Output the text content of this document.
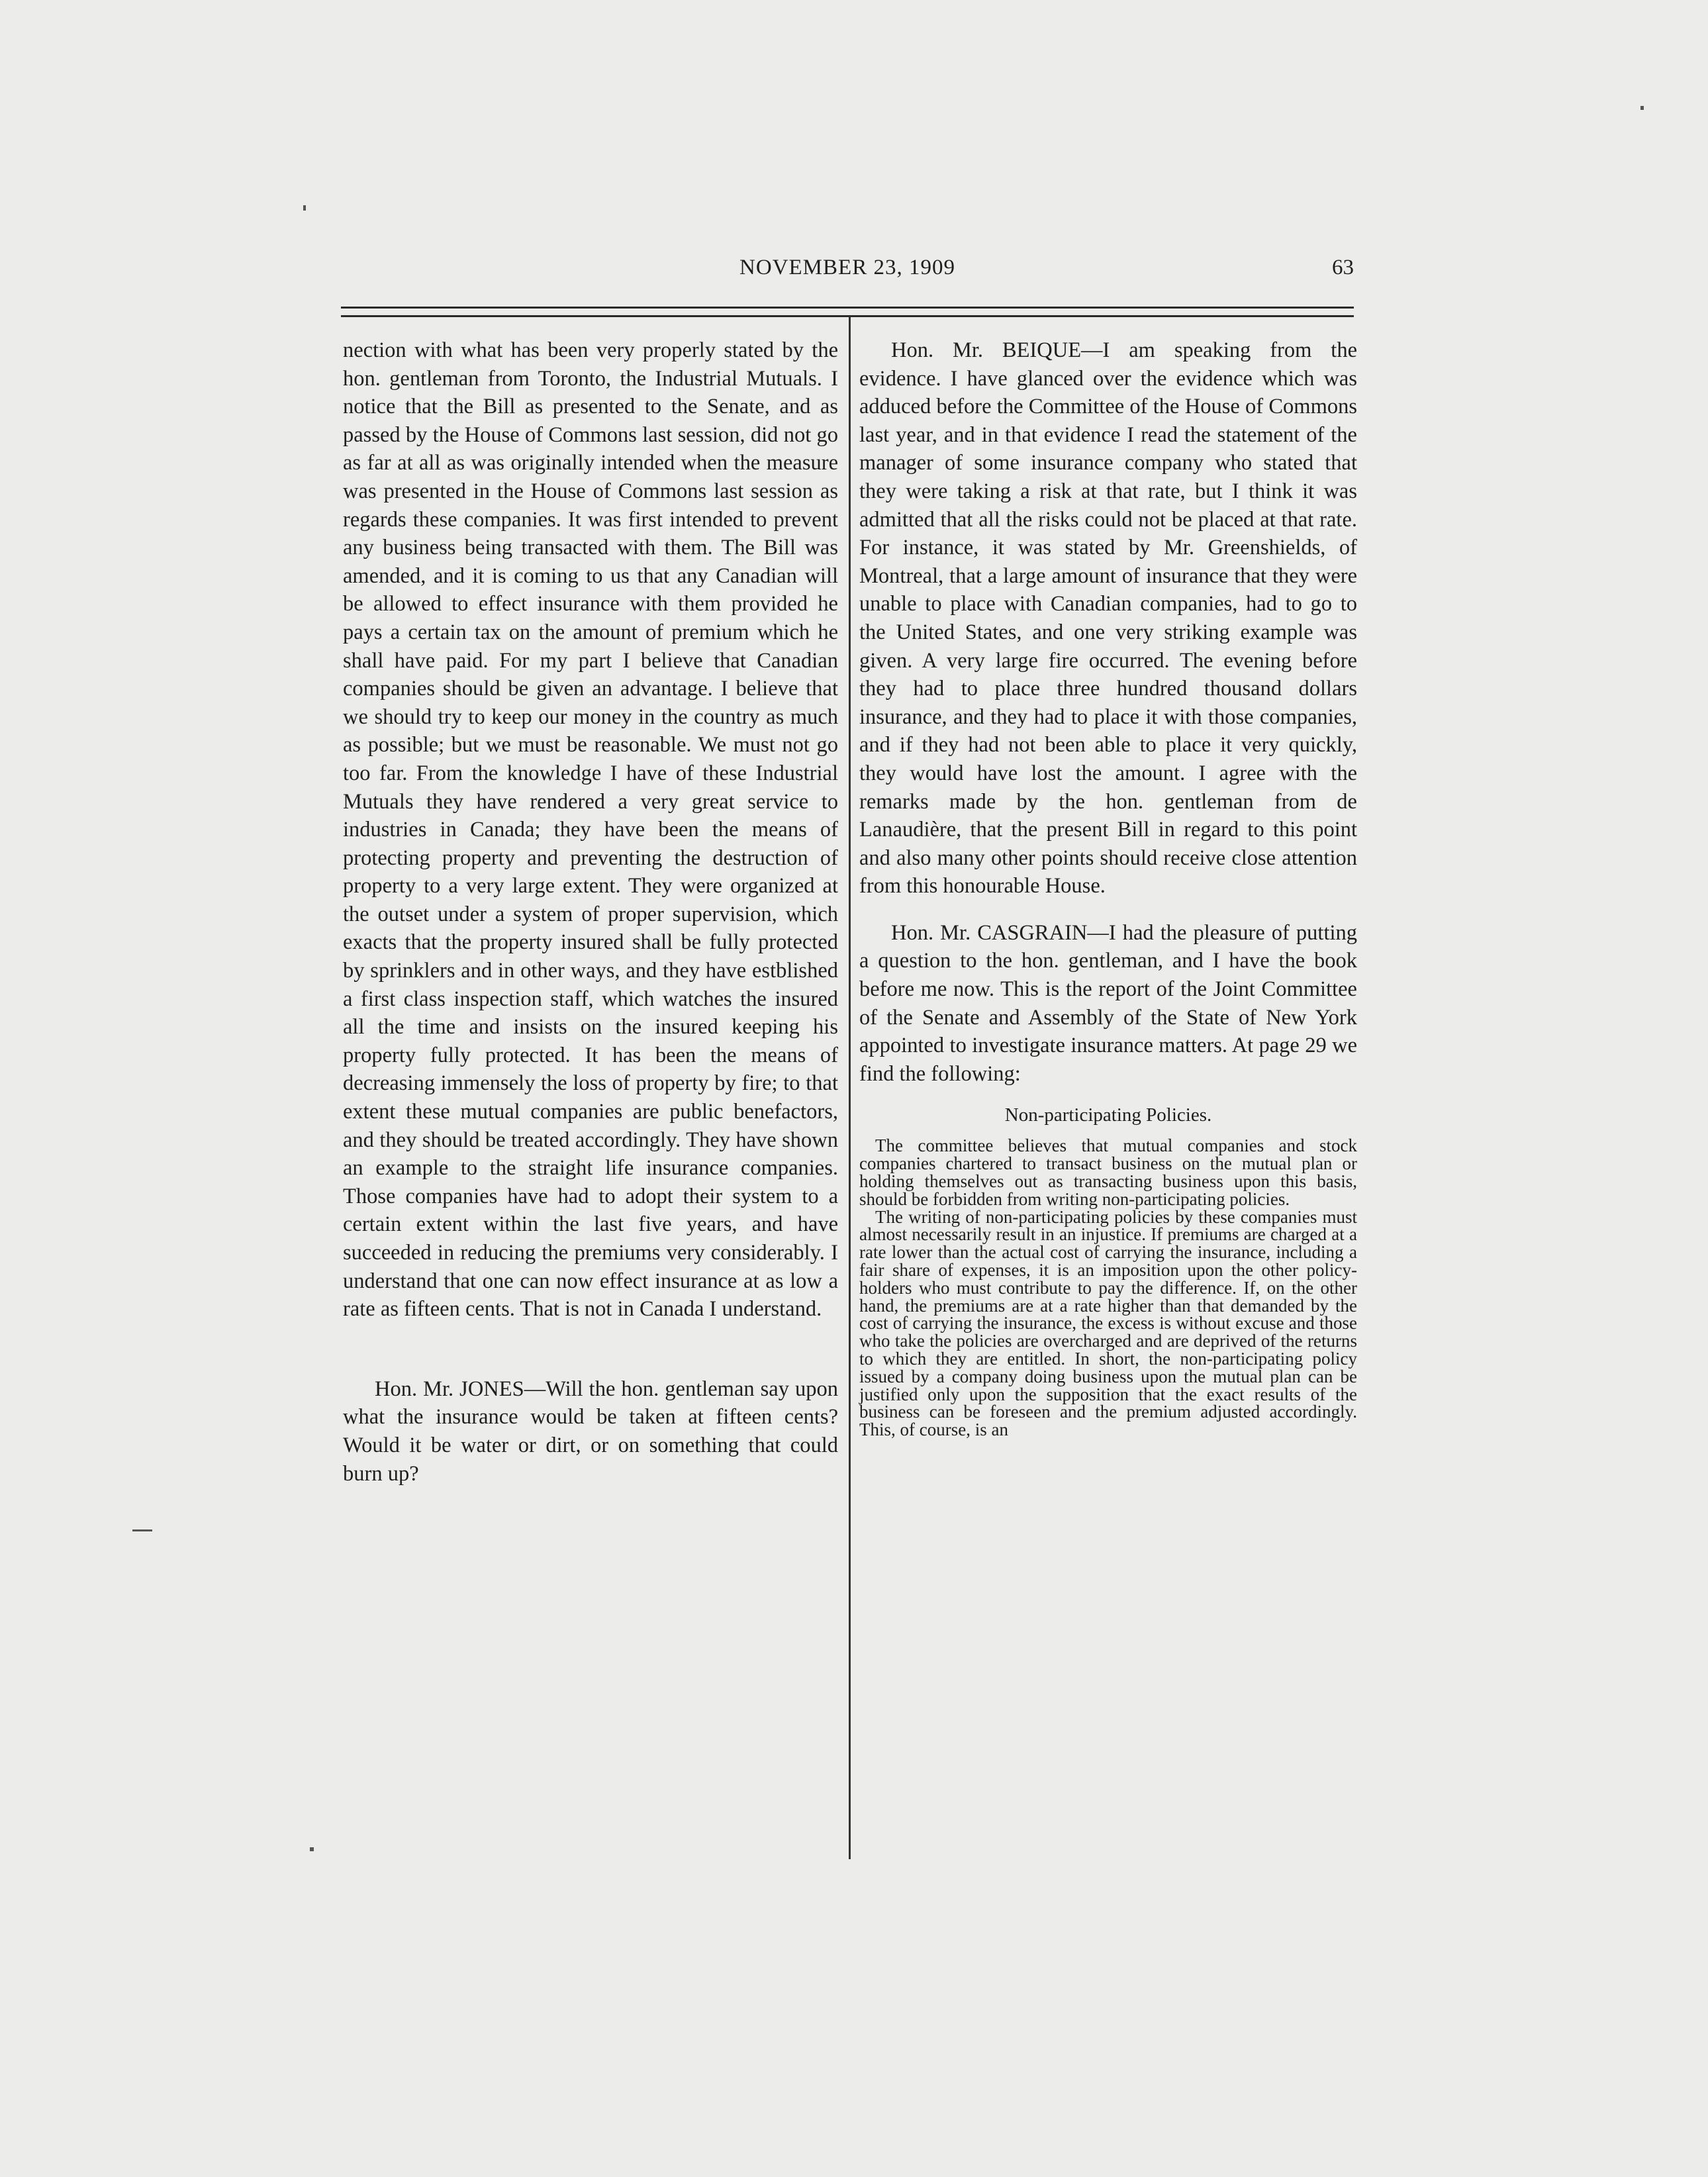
NOVEMBER 23, 1909	63

nection with what has been very properly stated by the hon. gentleman from Toronto, the Industrial Mutuals. I notice that the Bill as presented to the Senate, and as passed by the House of Commons last session, did not go as far at all as was originally intended when the measure was presented in the House of Commons last session as regards these companies. It was first intended to prevent any business being transacted with them. The Bill was amended, and it is coming to us that any Canadian will be allowed to effect insurance with them provided he pays a certain tax on the amount of premium which he shall have paid. For my part I believe that Canadian companies should be given an advantage. I believe that we should try to keep our money in the country as much as possible; but we must be reasonable. We must not go too far. From the knowledge I have of these Industrial Mutuals they have rendered a very great service to industries in Canada; they have been the means of protecting property and preventing the destruction of property to a very large extent. They were organized at the outset under a system of proper supervision, which exacts that the property insured shall be fully protected by sprinklers and in other ways, and they have estblished a first class inspection staff, which watches the insured all the time and insists on the insured keeping his property fully protected. It has been the means of decreasing immensely the loss of property by fire; to that extent these mutual companies are public benefactors, and they should be treated accordingly. They have shown an example to the straight life insurance companies. Those companies have had to adopt their system to a certain extent within the last five years, and have succeeded in reducing the premiums very considerably. I understand that one can now effect insurance at as low a rate as fifteen cents. That is not in Canada I understand.

Hon. Mr. JONES—Will the hon. gentleman say upon what the insurance would be taken at fifteen cents? Would it be water or dirt, or on something that could burn up?

Hon. Mr. BEIQUE—I am speaking from the evidence. I have glanced over the evidence which was adduced before the Committee of the House of Commons last year, and in that evidence I read the statement of the manager of some insurance company who stated that they were taking a risk at that rate, but I think it was admitted that all the risks could not be placed at that rate. For instance, it was stated by Mr. Greenshields, of Montreal, that a large amount of insurance that they were unable to place with Canadian companies, had to go to the United States, and one very striking example was given. A very large fire occurred. The evening before they had to place three hundred thousand dollars insurance, and they had to place it with those companies, and if they had not been able to place it very quickly, they would have lost the amount. I agree with the remarks made by the hon. gentleman from de Lanaudière, that the present Bill in regard to this point and also many other points should receive close attention from this honourable House.

Hon. Mr. CASGRAIN—I had the pleasure of putting a question to the hon. gentleman, and I have the book before me now. This is the report of the Joint Committee of the Senate and Assembly of the State of New York appointed to investigate insurance matters. At page 29 we find the following:

Non-participating Policies.

The committee believes that mutual companies and stock companies chartered to transact business on the mutual plan or holding themselves out as transacting business upon this basis, should be forbidden from writing non-participating policies.

The writing of non-participating policies by these companies must almost necessarily result in an injustice. If premiums are charged at a rate lower than the actual cost of carrying the insurance, including a fair share of expenses, it is an imposition upon the other policy-holders who must contribute to pay the difference. If, on the other hand, the premiums are at a rate higher than that demanded by the cost of carrying the insurance, the excess is without excuse and those who take the policies are overcharged and are deprived of the returns to which they are entitled. In short, the non-participating policy issued by a company doing business upon the mutual plan can be justified only upon the supposition that the exact results of the business can be foreseen and the premium adjusted accordingly. This, of course, is an
